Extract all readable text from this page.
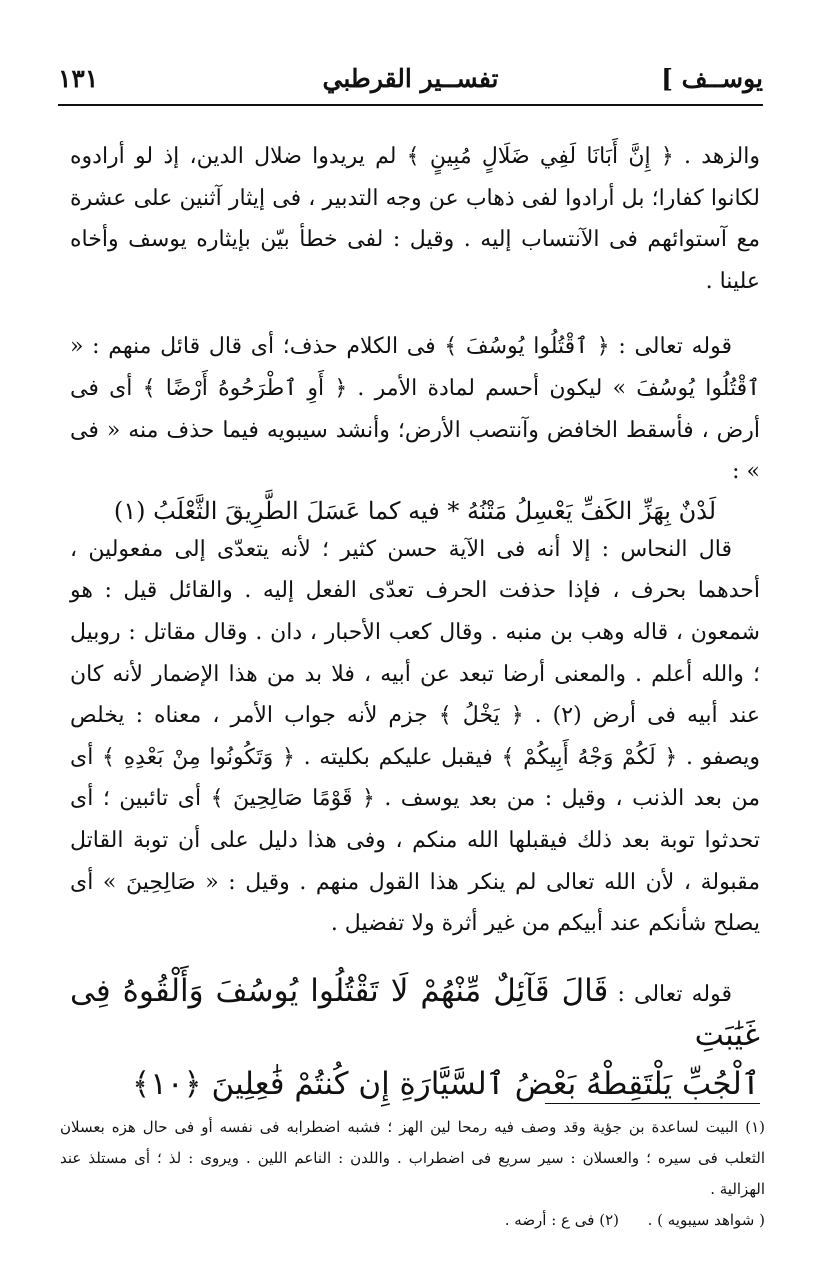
يوســف ]
تفســير القرطبي
١٣١

والزهد . ﴿ إِنَّ أَبَانَا لَفِي ضَلَالٍ مُبِينٍ ﴾ لم يريدوا ضلال الدين، إذ لو أرادوه لكانوا كفارا؛ بل أرادوا لفى ذهاب عن وجه التدبير ، فى إيثار آثنين على عشرة مع آستوائهم فى الآنتساب إليه . وقيل : لفى خطأ بيّن بإيثاره يوسف وأخاه علينا .

قوله تعالى : ﴿ ٱقْتُلُوا يُوسُفَ ﴾ فى الكلام حذف؛ أى قال قائل منهم : « ٱقْتُلُوا يُوسُفَ » ليكون أحسم لمادة الأمر . ﴿ أَوِ ٱطْرَحُوهُ أَرْضًا ﴾ أى فى أرض ، فأسقط الخافض وآنتصب الأرض؛ وأنشد سيبويه فيما حذف منه « فى » :

لَدْنٌ بِهَزِّ الكَفِّ يَعْسِلُ مَتْنُهُ * فيه كما عَسَلَ الطَّرِيقَ الثَّعْلَبُ (١)

قال النحاس : إلا أنه فى الآية حسن كثير ؛ لأنه يتعدّى إلى مفعولين ، أحدهما بحرف ، فإذا حذفت الحرف تعدّى الفعل إليه . والقائل قيل : هو شمعون ، قاله وهب بن منبه . وقال كعب الأحبار ، دان . وقال مقاتل : روبيل ؛ والله أعلم . والمعنى أرضا تبعد عن أبيه ، فلا بد من هذا الإضمار لأنه كان عند أبيه فى أرض (٢) . ﴿ يَخْلُ ﴾ جزم لأنه جواب الأمر ، معناه : يخلص ويصفو . ﴿ لَكُمْ وَجْهُ أَبِيكُمْ ﴾ فيقبل عليكم بكليته . ﴿ وَتَكُونُوا مِنْ بَعْدِهِ ﴾ أى من بعد الذنب ، وقيل : من بعد يوسف . ﴿ قَوْمًا صَالِحِينَ ﴾ أى تائبين ؛ أى تحدثوا توبة بعد ذلك فيقبلها الله منكم ، وفى هذا دليل على أن توبة القاتل مقبولة ، لأن الله تعالى لم ينكر هذا القول منهم . وقيل : « صَالِحِينَ » أى يصلح شأنكم عند أبيكم من غير أثرة ولا تفضيل .

قوله تعالى : قَالَ قَآئِلٌ مِّنْهُمْ لَا تَقْتُلُوا يُوسُفَ وَأَلْقُوهُ فِى غَيَٰبَتِ

ٱلْجُبِّ يَلْتَقِطْهُ بَعْضُ ٱلسَّيَّارَةِ إِن كُنتُمْ فَٰعِلِينَ ﴿١٠﴾

(١) البيت لساعدة بن جؤية وقد وصف فيه رمحا لين الهز ؛ فشبه اضطرابه فى نفسه أو فى حال هزه بعسلان الثعلب فى سيره ؛ والعسلان : سير سريع فى اضطراب . واللدن : الناعم اللين . ويروى : لذ ؛ أى مستلذ عند الهزالية .

( شواهد سيبويه ) .      (٢) فى ع : أرضه .
